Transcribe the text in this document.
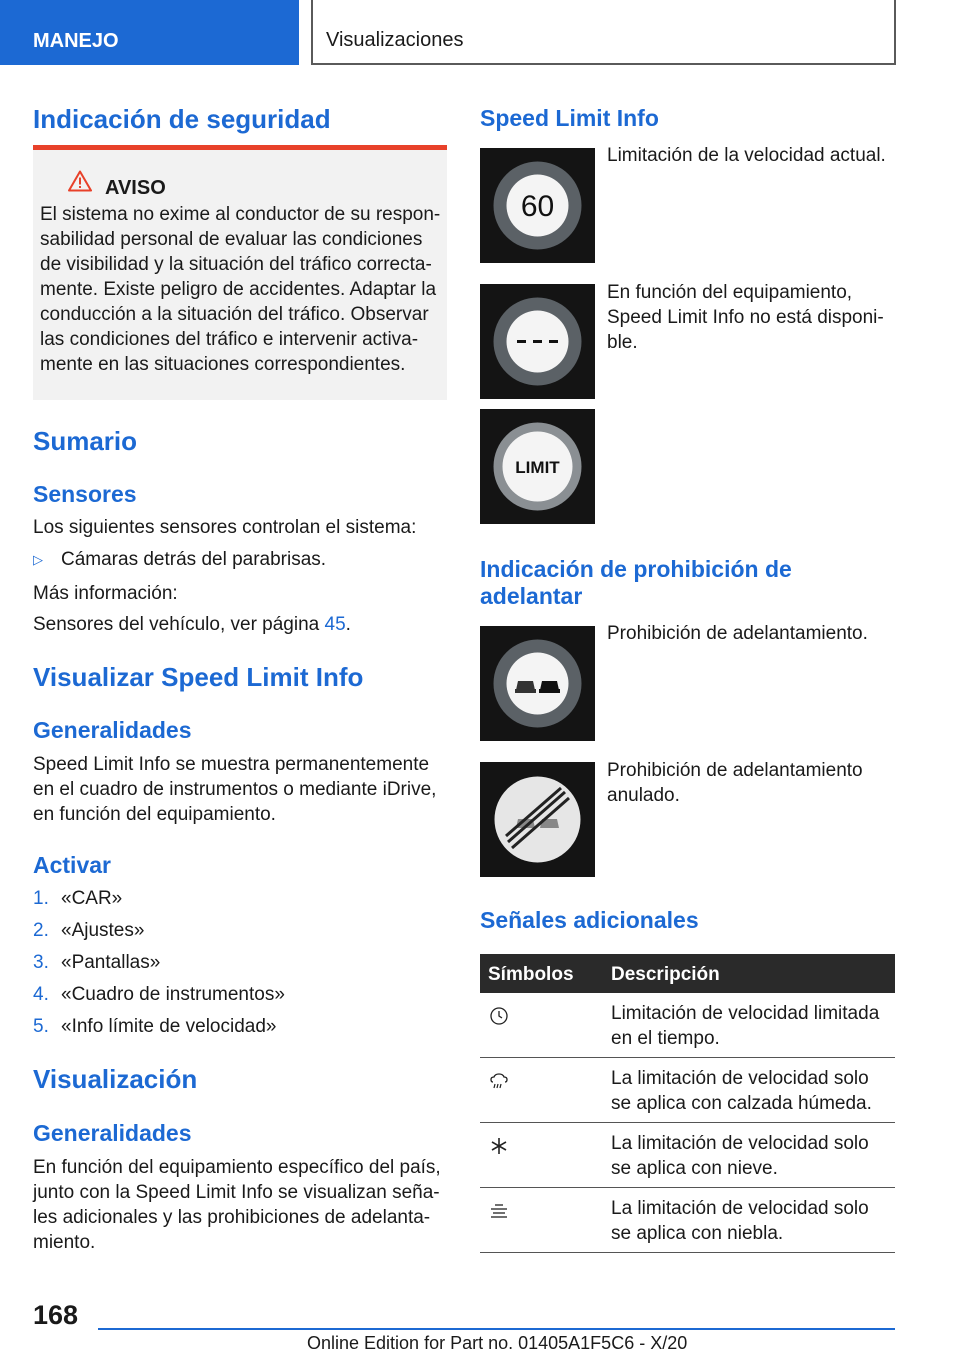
MANEJO	Visualizaciones
Indicación de seguridad
AVISO
El sistema no exime al conductor de su respon-
sabilidad personal de evaluar las condiciones
de visibilidad y la situación del tráfico correcta-
mente. Existe peligro de accidentes. Adaptar la
conducción a la situación del tráfico. Observar
las condiciones del tráfico e intervenir activa-
mente en las situaciones correspondientes.
Sumario
Sensores
Los siguientes sensores controlan el sistema:
▷ Cámaras detrás del parabrisas.
Más información:
Sensores del vehículo, ver página 45.
Visualizar Speed Limit Info
Generalidades
Speed Limit Info se muestra permanentemente
en el cuadro de instrumentos o mediante iDrive,
en función del equipamiento.
Activar
1. «CAR»
2. «Ajustes»
3. «Pantallas»
4. «Cuadro de instrumentos»
5. «Info límite de velocidad»
Visualización
Generalidades
En función del equipamiento específico del país,
junto con la Speed Limit Info se visualizan seña-
les adicionales y las prohibiciones de adelanta-
miento.
Speed Limit Info
60
Limitación de la velocidad actual.
En función del equipamiento,
Speed Limit Info no está disponi-
ble.
LIMIT
Indicación de prohibición de
adelantar
Prohibición de adelantamiento.
Prohibición de adelantamiento
anulado.
Señales adicionales
Símbolos Descripción
Limitación de velocidad limitada
en el tiempo.
La limitación de velocidad solo
se aplica con calzada húmeda.
La limitación de velocidad solo
se aplica con nieve.
La limitación de velocidad solo
se aplica con niebla.
168
Online Edition for Part no. 01405A1F5C6 - X/20
